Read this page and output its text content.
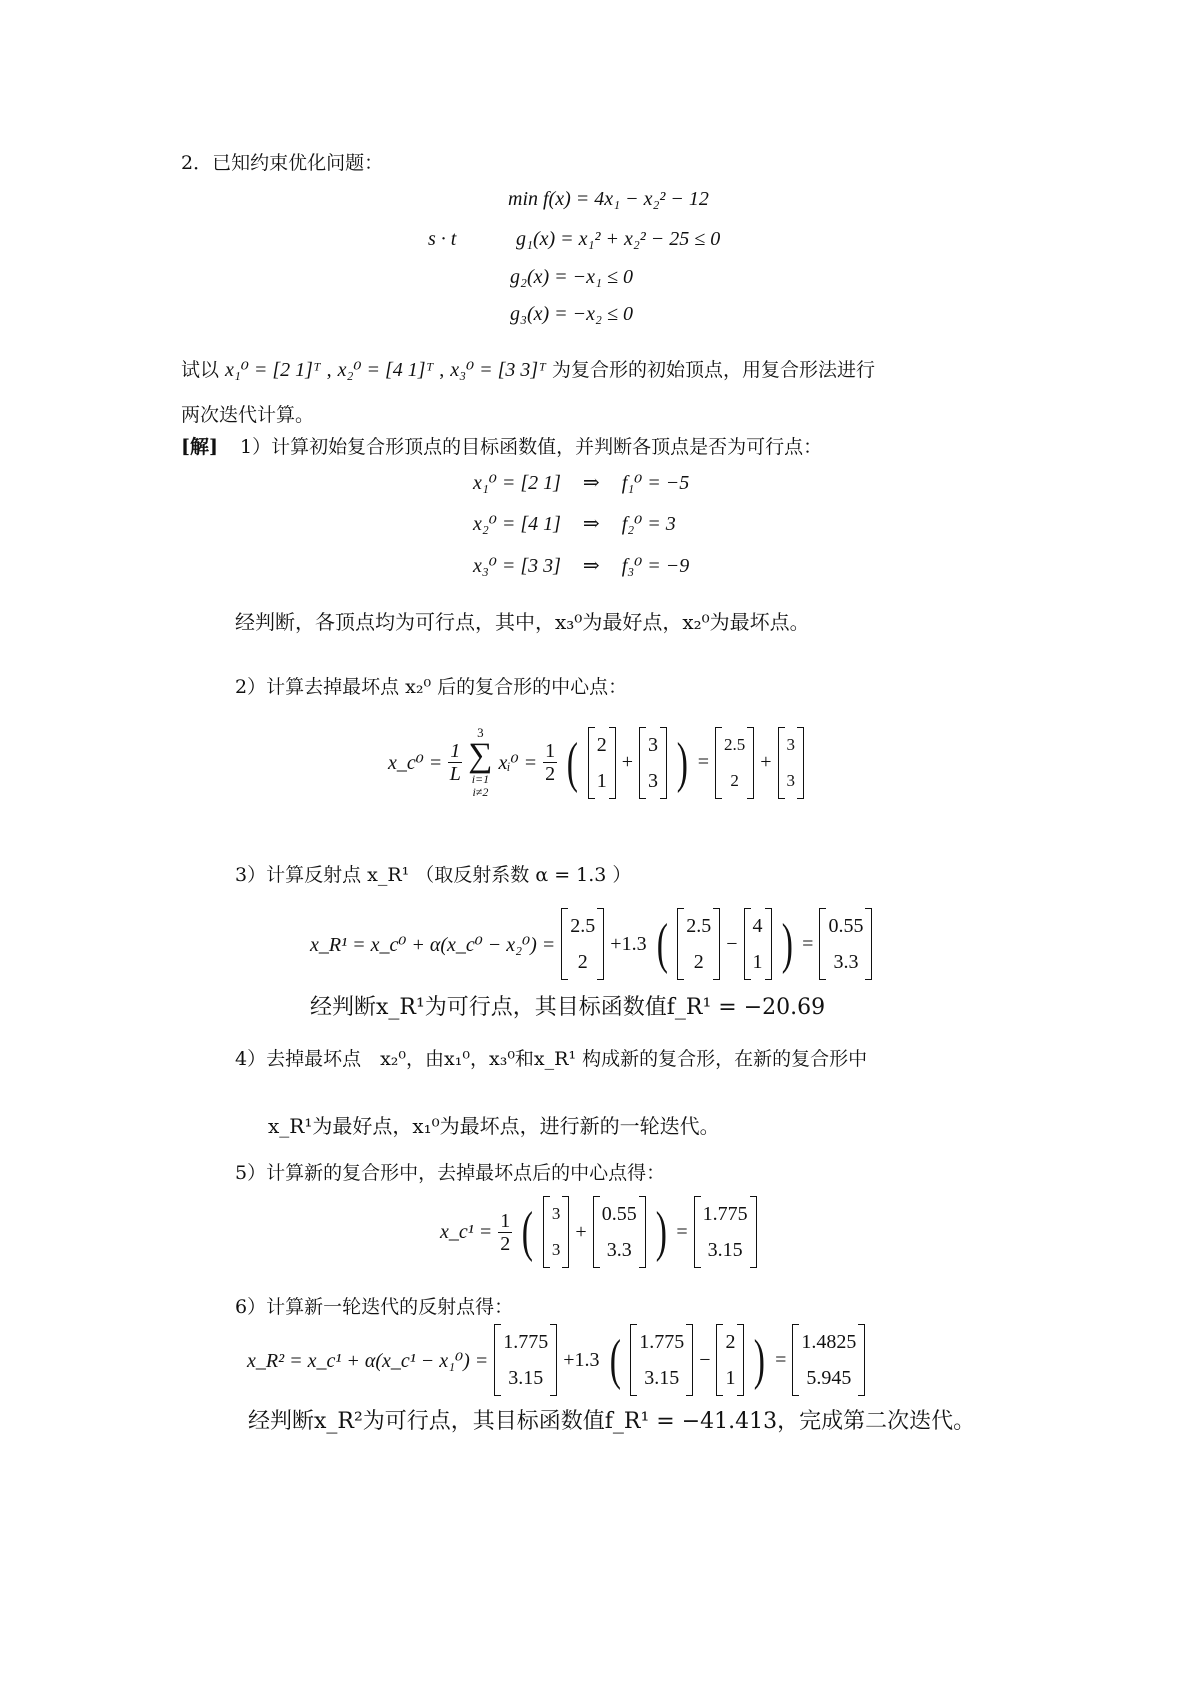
2．已知约束优化问题：
min f(x) = 4x₁ − x₂² − 12
s · t	g₁(x) = x₁² + x₂² − 25 ≤ 0
g₂(x) = −x₁ ≤ 0
g₃(x) = −x₂ ≤ 0
试以 x₁⁰ = [2 1]ᵀ , x₂⁰ = [4 1]ᵀ , x₃⁰ = [3 3]ᵀ 为复合形的初始顶点，用复合形法进行
两次迭代计算。
[解] 1）计算初始复合形顶点的目标函数值，并判断各顶点是否为可行点：
x₁⁰ = [2 1] ⇒ f₁⁰ = −5
x₂⁰ = [4 1] ⇒ f₂⁰ = 3
x₃⁰ = [3 3] ⇒ f₃⁰ = −9
经判断，各顶点均为可行点，其中，x₃⁰为最好点，x₂⁰为最坏点。
2）计算去掉最坏点 x₂⁰ 后的复合形的中心点：
x_c⁰ = $\frac{1}{L}$
3
∑
i=1
i≠2
xᵢ⁰ = $\frac{1}{2}$ ( 2
1
+
3
3 ) =
2.5
2
+
3
3
3）计算反射点 x_R¹ （取反射系数 α = 1.3 ）
x_R¹ = x_c⁰ + α(x_c⁰ − x₂⁰) =
2.5
2
+1.3 ( 2.5
2
−
4
1 ) =
0.55
3.3
经判断x_R¹为可行点，其目标函数值f_R¹ = −20.69
4）去掉最坏点　x₂⁰，由x₁⁰，x₃⁰和x_R¹ 构成新的复合形，在新的复合形中
x_R¹为最好点，x₁⁰为最坏点，进行新的一轮迭代。
5）计算新的复合形中，去掉最坏点后的中心点得：
x_c¹ = $\frac{1}{2}$ ( 3
3
+
0.55
3.3 ) =
1.775
3.15
6）计算新一轮迭代的反射点得：
x_R² = x_c¹ + α(x_c¹ − x₁⁰) =
1.775
3.15
+1.3 ( 1.775
3.15
−
2
1 ) =
1.4825
5.945
经判断x_R²为可行点，其目标函数值f_R¹ = −41.413，完成第二次迭代。
